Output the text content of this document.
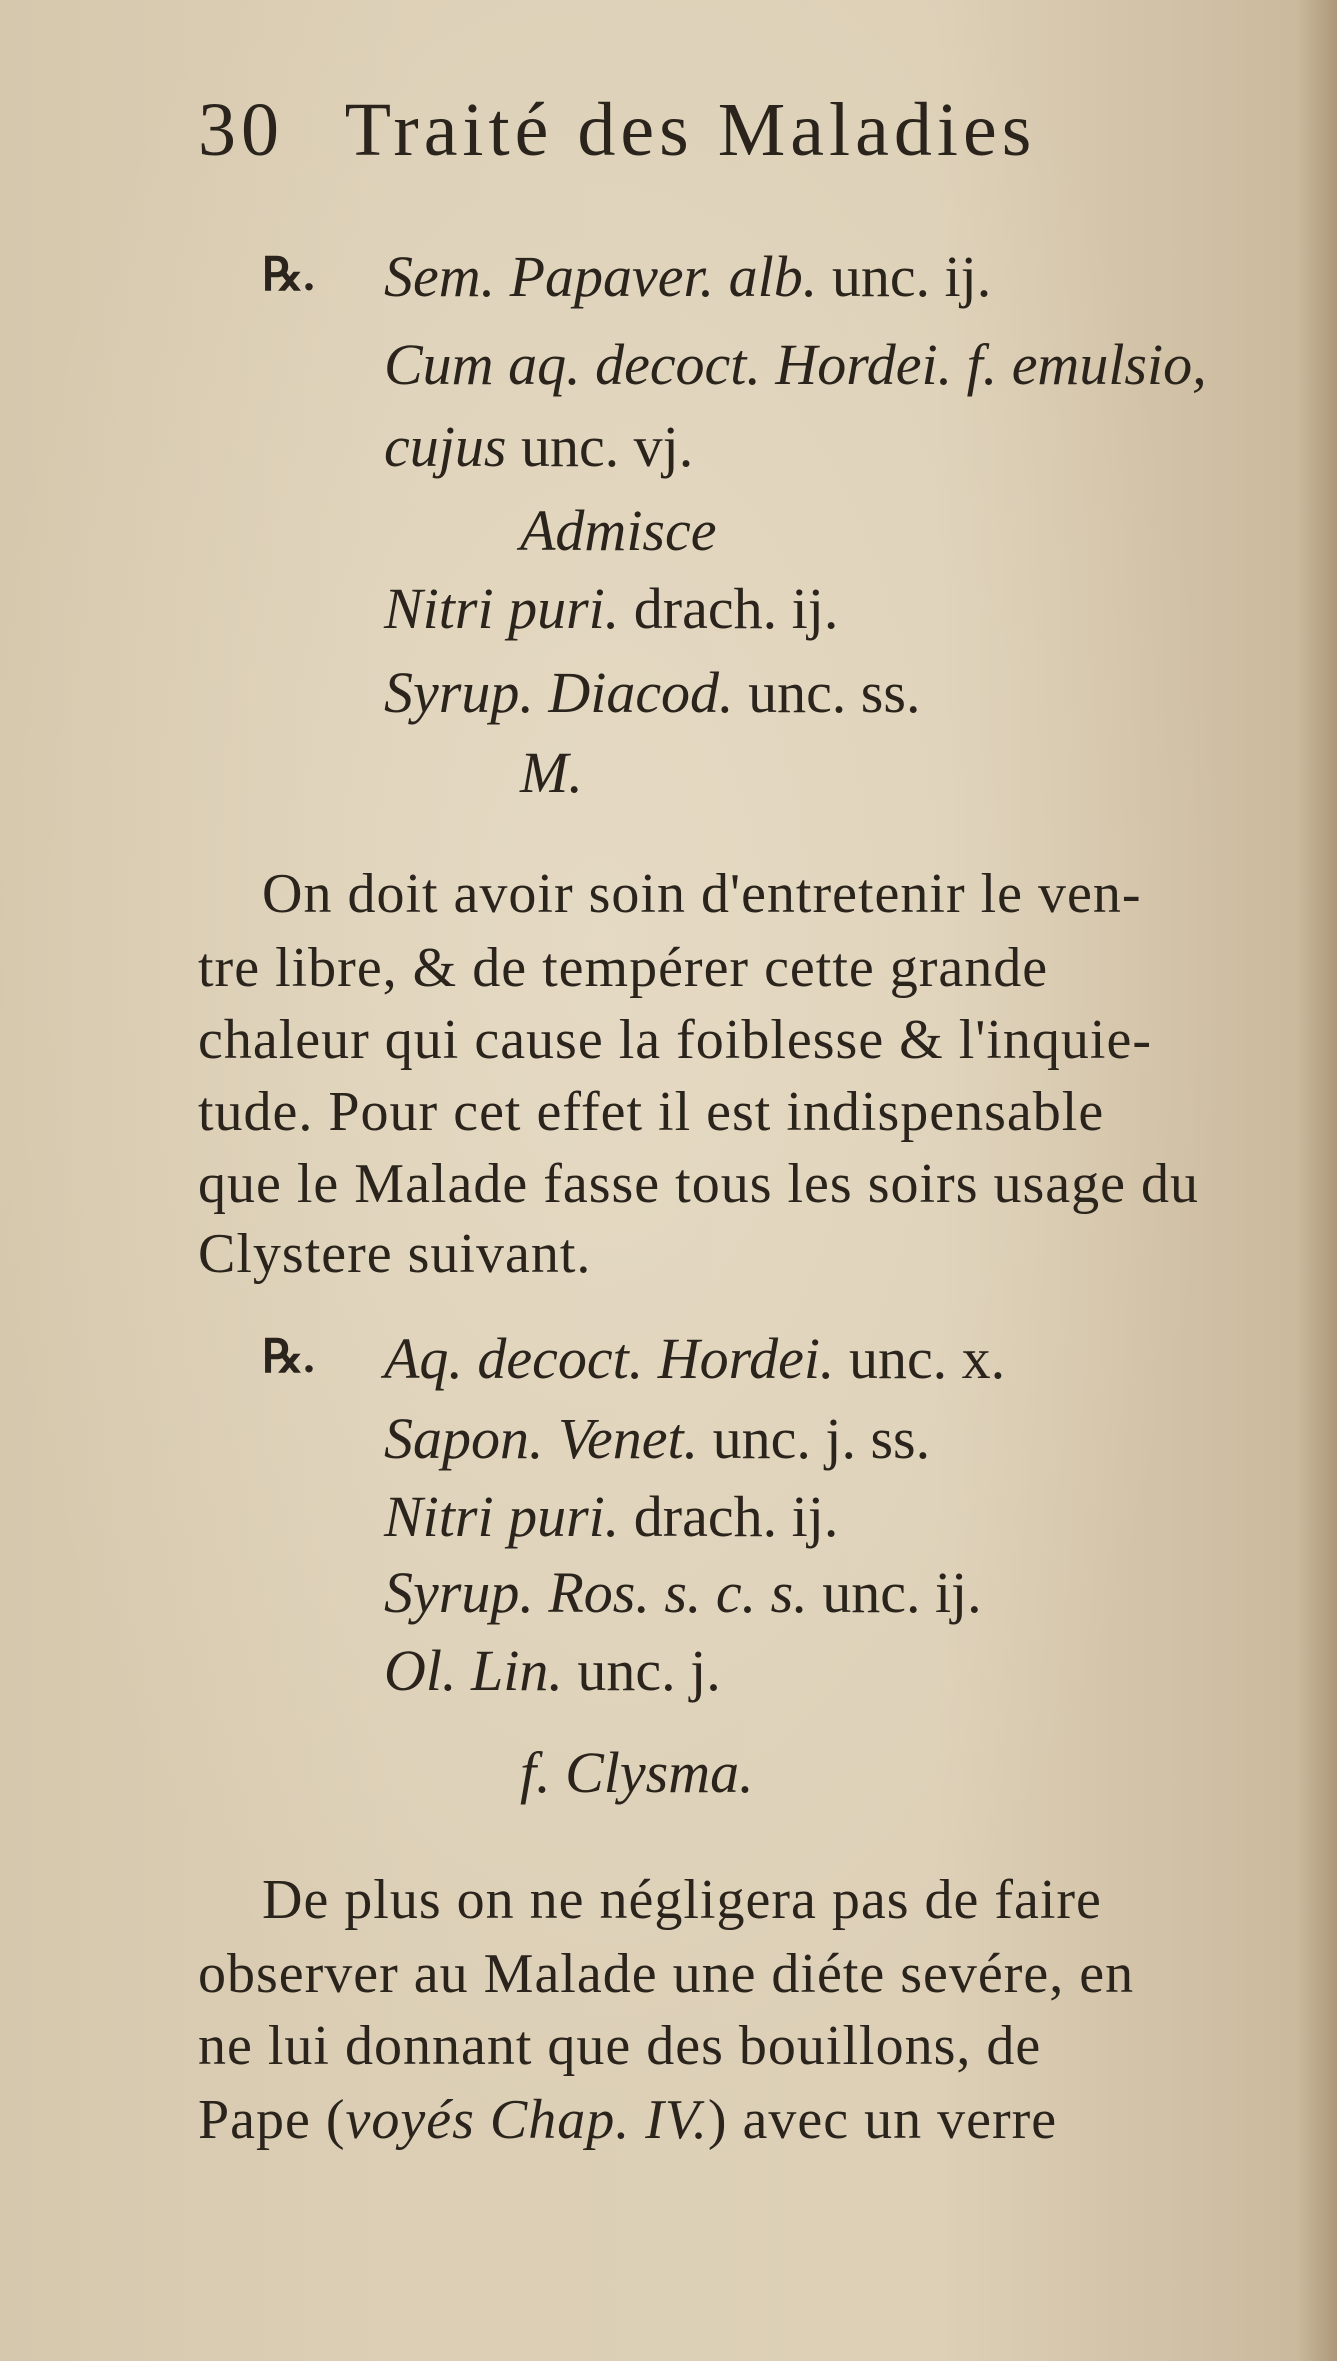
30 Traité des Maladies
℞. Sem. Papaver. alb. unc. ij.
Cum aq. decoct. Hordei. f. emulsio,
cujus unc. vj.
Admisce
Nitri puri. drach. ij.
Syrup. Diacod. unc. ss.
M.
On doit avoir soin d'entretenir le ven-
tre libre, & de tempérer cette grande
chaleur qui cause la foiblesse & l'inquie-
tude. Pour cet effet il est indispensable
que le Malade fasse tous les soirs usage du
Clystere suivant.
℞. Aq. decoct. Hordei. unc. x.
Sapon. Venet. unc. j. ss.
Nitri puri. drach. ij.
Syrup. Ros. s. c. s. unc. ij.
Ol. Lin. unc. j.
f. Clysma.
De plus on ne négligera pas de faire
observer au Malade une diéte sevére, en
ne lui donnant que des bouillons, de
Pape (voyés Chap. IV.) avec un verre
